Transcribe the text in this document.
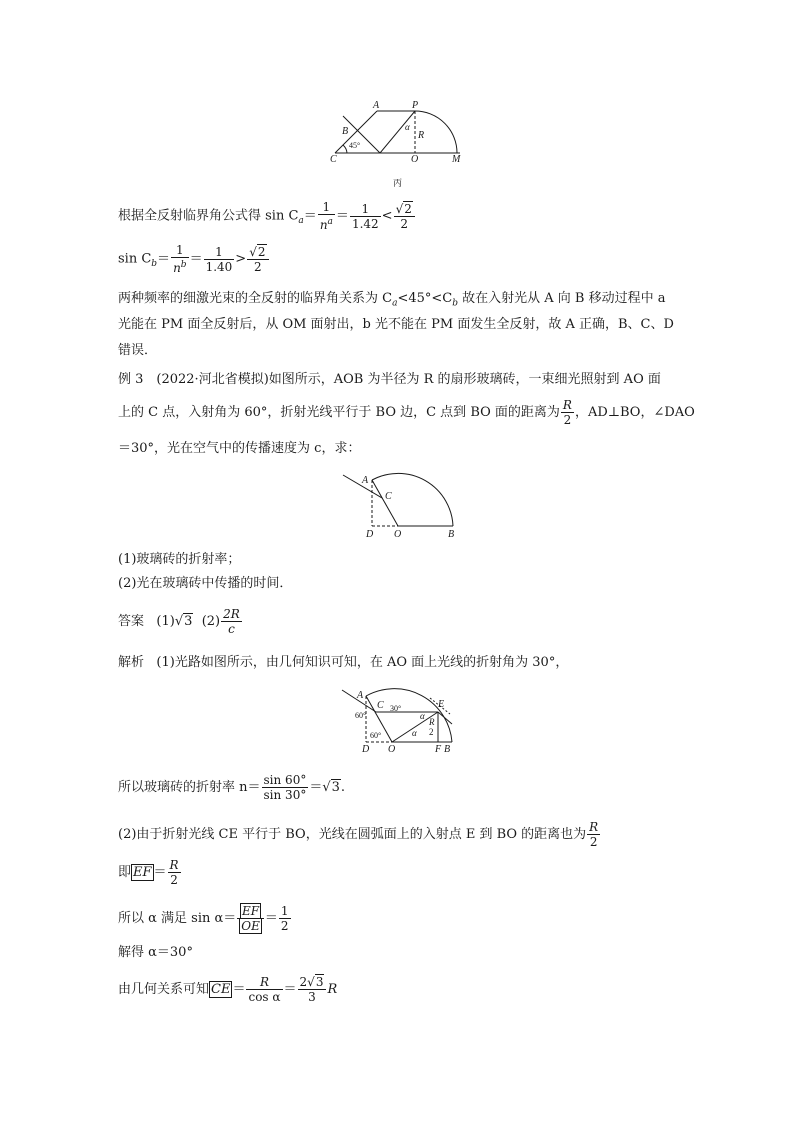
A	P
B	α
R
45°
C	O	M
丙
根据全反射临界角公式得 $\sin C_a= \frac{1}{n^a} = \frac{1}{1.42} < \frac{√2}{2}$
$\sin C_b= \frac{1}{n^b} = \frac{1}{1.40} > \frac{√2}{2}$
两种频率的细激光束的全反射的临界角关系为 $C_a<45^\circ<C_b$ 故在入射光从 A 向 B 移动过程中 a
光能在 PM 面全反射后，从 OM 面射出，b 光不能在 PM 面发生全反射，故 A 正确，B、C、D
错误．
例 3　(2022·河北省模拟)如图所示，AOB 为半径为 R 的扇形玻璃砖，一束细光照射到 AO 面
上的 C 点，入射角为 60°，折射光线平行于 BO 边，C 点到 BO 面的距离为 $\frac{R}{2}$ ，AD⊥BO，∠DAO
＝30°，光在空气中的传播速度为 c，求：
A
C
D O	B
(1)玻璃砖的折射率；
(2)光在玻璃砖中传播的时间．
答案 (1)√3 $(2) \frac{2R}{c}$
解析 (1)光路如图所示，由几何知识可知，在 AO 面上光线的折射角为 30°，
A
C 30°	E
60°	α
α
R
2
60°
D O	F B
所以玻璃砖的折射率 $n= \frac{\sin 60^\circ}{\sin 30^\circ} =√3$.
(2)由于折射光线 CE 平行于 BO，光线在圆弧面上的入射点 E 到 BO 的距离也为 $\frac{R}{2}$
即 $\overline{EF} = \frac{R}{2}$
所以 α 满足 $\sin \alpha= \frac{\overline{EF}}{OE} = \frac{1}{2}$
解得 α＝30°
由几何关系可知 $\overline{CE} = \frac{R}{\text{cos α}} = \frac{2√3}{3}$ R
